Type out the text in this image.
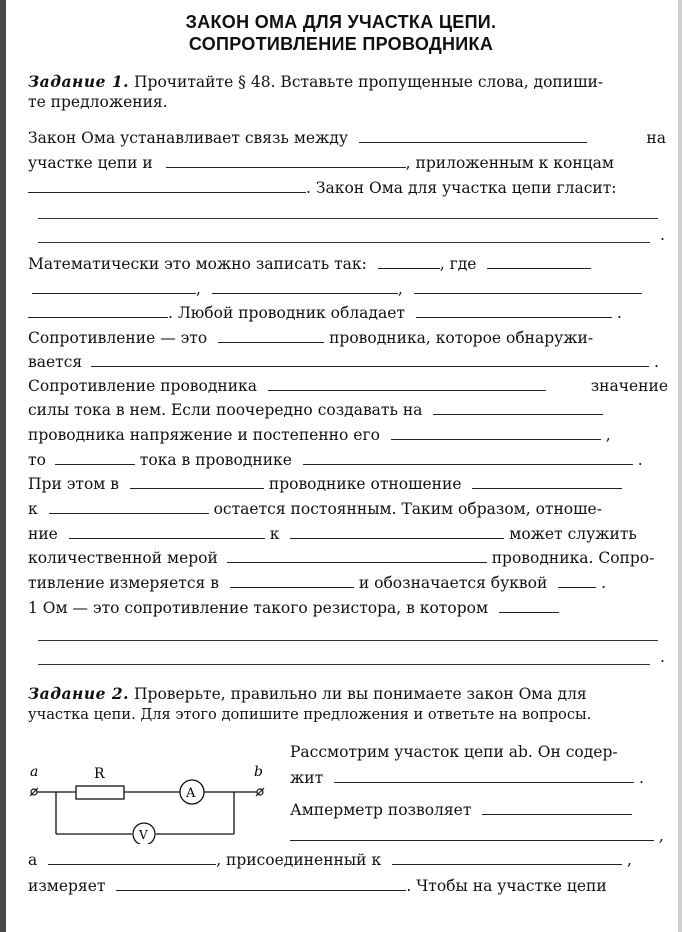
ЗАКОН ОМА ДЛЯ УЧАСТКА ЦЕПИ.
СОПРОТИВЛЕНИЕ ПРОВОДНИКА
Задание 1. Прочитайте § 48. Вставьте пропущенные слова, допиши-
те предложения.
Закон Ома устанавливает связь между	на
участке цепи и	, приложенным к концам
. Закон Ома для участка цепи гласит:
.
Математически это можно записать так:	, где
,	,
. Любой проводник обладает	.
Сопротивление — это	проводника, которое обнаружи-
вается	.
Сопротивление проводника	значение
силы тока в нем. Если поочередно создавать на
проводника напряжение и постепенно его	,
то	тока в проводнике	.
При этом в	проводнике отношение
к	остается постоянным. Таким образом, отноше-
ние	к	может служить
количественной мерой	проводника. Сопро-
тивление измеряется в	и обозначается буквой	.
1 Ом — это сопротивление такого резистора, в котором
.
Задание 2. Проверьте, правильно ли вы понимаете закон Ома для
участка цепи. Для этого допишите предложения и ответьте на вопросы.
Рассмотрим участок цепи ab. Он содер-
жит	.
Амперметр позволяет
,
a	b
R
A
V
а	, присоединенный к	,
измеряет	. Чтобы на участке цепи
